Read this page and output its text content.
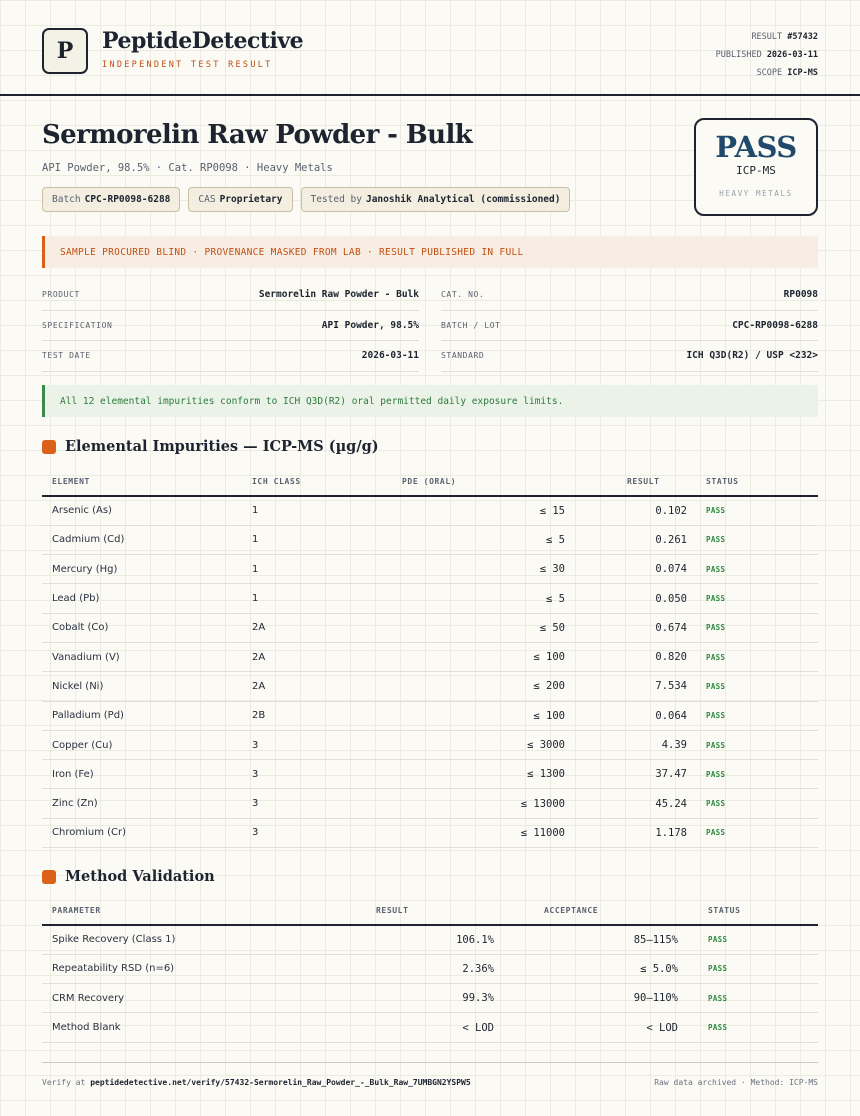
P	PeptideDetective
INDEPENDENT TEST RESULT
RESULT #57432
PUBLISHED 2026-03-11
SCOPE ICP-MS
Sermorelin Raw Powder - Bulk
API Powder, 98.5% · Cat. RP0098 · Heavy Metals
Batch CPC-RP0098-6288	CAS Proprietary	Tested by Janoshik Analytical (commissioned)
PASS
ICP-MS
HEAVY METALS
SAMPLE PROCURED BLIND · PROVENANCE MASKED FROM LAB · RESULT PUBLISHED IN FULL
PRODUCT	Sermorelin Raw Powder - Bulk	CAT. NO.	RP0098
SPECIFICATION	API Powder, 98.5%	BATCH / LOT	CPC-RP0098-6288
TEST DATE	2026-03-11	STANDARD	ICH Q3D(R2) / USP <232>
All 12 elemental impurities conform to ICH Q3D(R2) oral permitted daily exposure limits.
Elemental Impurities — ICP-MS (µg/g)
ELEMENT	ICH CLASS	PDE (ORAL)	RESULT	STATUS
Arsenic (As)	1	≤ 15	0.102	PASS
Cadmium (Cd)	1	≤ 5	0.261	PASS
Mercury (Hg)	1	≤ 30	0.074	PASS
Lead (Pb)	1	≤ 5	0.050	PASS
Cobalt (Co)	2A	≤ 50	0.674	PASS
Vanadium (V)	2A	≤ 100	0.820	PASS
Nickel (Ni)	2A	≤ 200	7.534	PASS
Palladium (Pd)	2B	≤ 100	0.064	PASS
Copper (Cu)	3	≤ 3000	4.39	PASS
Iron (Fe)	3	≤ 1300	37.47	PASS
Zinc (Zn)	3	≤ 13000	45.24	PASS
Chromium (Cr)	3	≤ 11000	1.178	PASS
Method Validation
PARAMETER	RESULT	ACCEPTANCE	STATUS
Spike Recovery (Class 1)	106.1%	85–115%	PASS
Repeatability RSD (n=6)	2.36%	≤ 5.0%	PASS
CRM Recovery	99.3%	90–110%	PASS
Method Blank	< LOD	< LOD	PASS
Verify at peptidedetective.net/verify/57432-Sermorelin_Raw_Powder_-_Bulk_Raw_7UMBGN2YSPW5	Raw data archived · Method: ICP-MS
